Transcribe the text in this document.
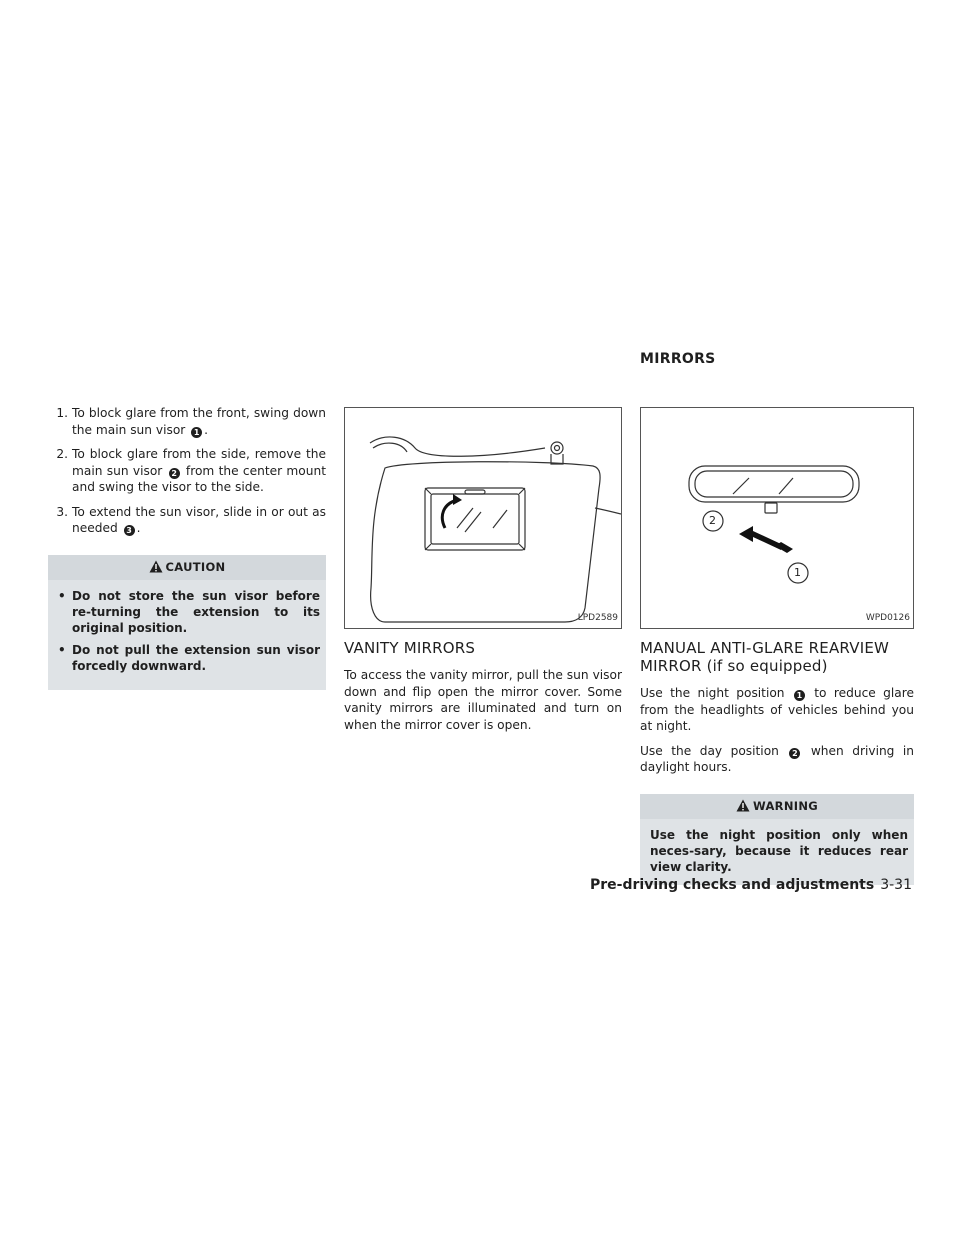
MIRRORS
1. To block glare from the front, swing down the main sun visor 1 .
2. To block glare from the side, remove the main sun visor 2 from the center mount and swing the visor to the side.
3. To extend the sun visor, slide in or out as needed 3 .
CAUTION
• Do not store the sun visor before re-turning the extension to its original position.
• Do not pull the extension sun visor forcedly downward.
LPD2589
VANITY MIRRORS

To access the vanity mirror, pull the sun visor down and flip open the mirror cover. Some vanity mirrors are illuminated and turn on when the mirror cover is open.

2
1
WPD0126
MANUAL ANTI-GLARE REARVIEW MIRROR (if so equipped)

Use the night position 1 to reduce glare from the headlights of vehicles behind you at night.

Use the day position 2 when driving in daylight hours.

WARNING
Use the night position only when neces-sary, because it reduces rear view clarity.
Pre-driving checks and adjustments 3-31
